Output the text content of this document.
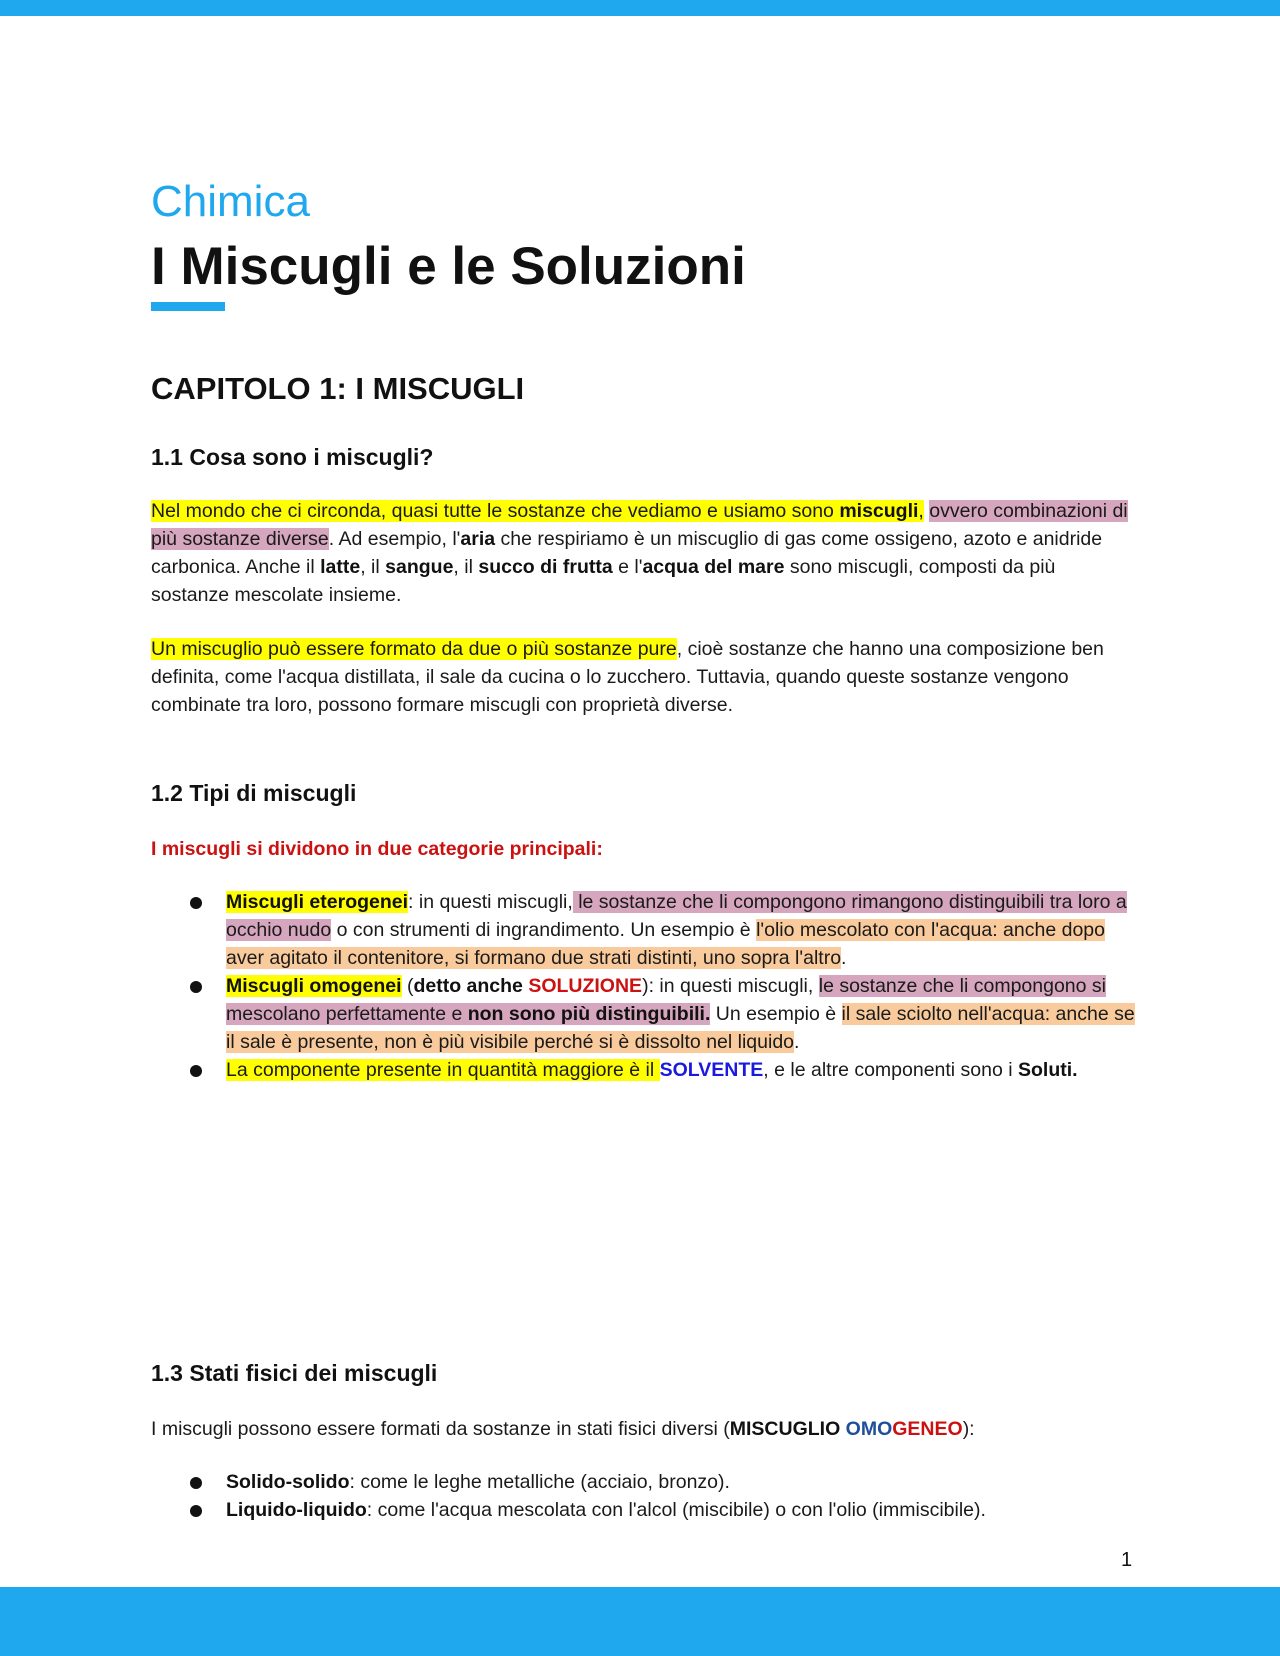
Chimica
I Miscugli e le Soluzioni
CAPITOLO 1: I MISCUGLI
1.1 Cosa sono i miscugli?
Nel mondo che ci circonda, quasi tutte le sostanze che vediamo e usiamo sono miscugli, ovvero combinazioni di più sostanze diverse. Ad esempio, l'aria che respiriamo è un miscuglio di gas come ossigeno, azoto e anidride carbonica. Anche il latte, il sangue, il succo di frutta e l'acqua del mare sono miscugli, composti da più sostanze mescolate insieme.
Un miscuglio può essere formato da due o più sostanze pure, cioè sostanze che hanno una composizione ben definita, come l'acqua distillata, il sale da cucina o lo zucchero. Tuttavia, quando queste sostanze vengono combinate tra loro, possono formare miscugli con proprietà diverse.
1.2 Tipi di miscugli
I miscugli si dividono in due categorie principali:
Miscugli eterogenei: in questi miscugli, le sostanze che li compongono rimangono distinguibili tra loro a occhio nudo o con strumenti di ingrandimento. Un esempio è l'olio mescolato con l'acqua: anche dopo aver agitato il contenitore, si formano due strati distinti, uno sopra l'altro.
Miscugli omogenei (detto anche SOLUZIONE): in questi miscugli, le sostanze che li compongono si mescolano perfettamente e non sono più distinguibili. Un esempio è il sale sciolto nell'acqua: anche se il sale è presente, non è più visibile perché si è dissolto nel liquido.
La componente presente in quantità maggiore è il SOLVENTE, e le altre componenti sono i Soluti.
1.3 Stati fisici dei miscugli
I miscugli possono essere formati da sostanze in stati fisici diversi (MISCUGLIO OMOGENEO):
Solido-solido: come le leghe metalliche (acciaio, bronzo).
Liquido-liquido: come l'acqua mescolata con l'alcol (miscibile) o con l'olio (immiscibile).
1
